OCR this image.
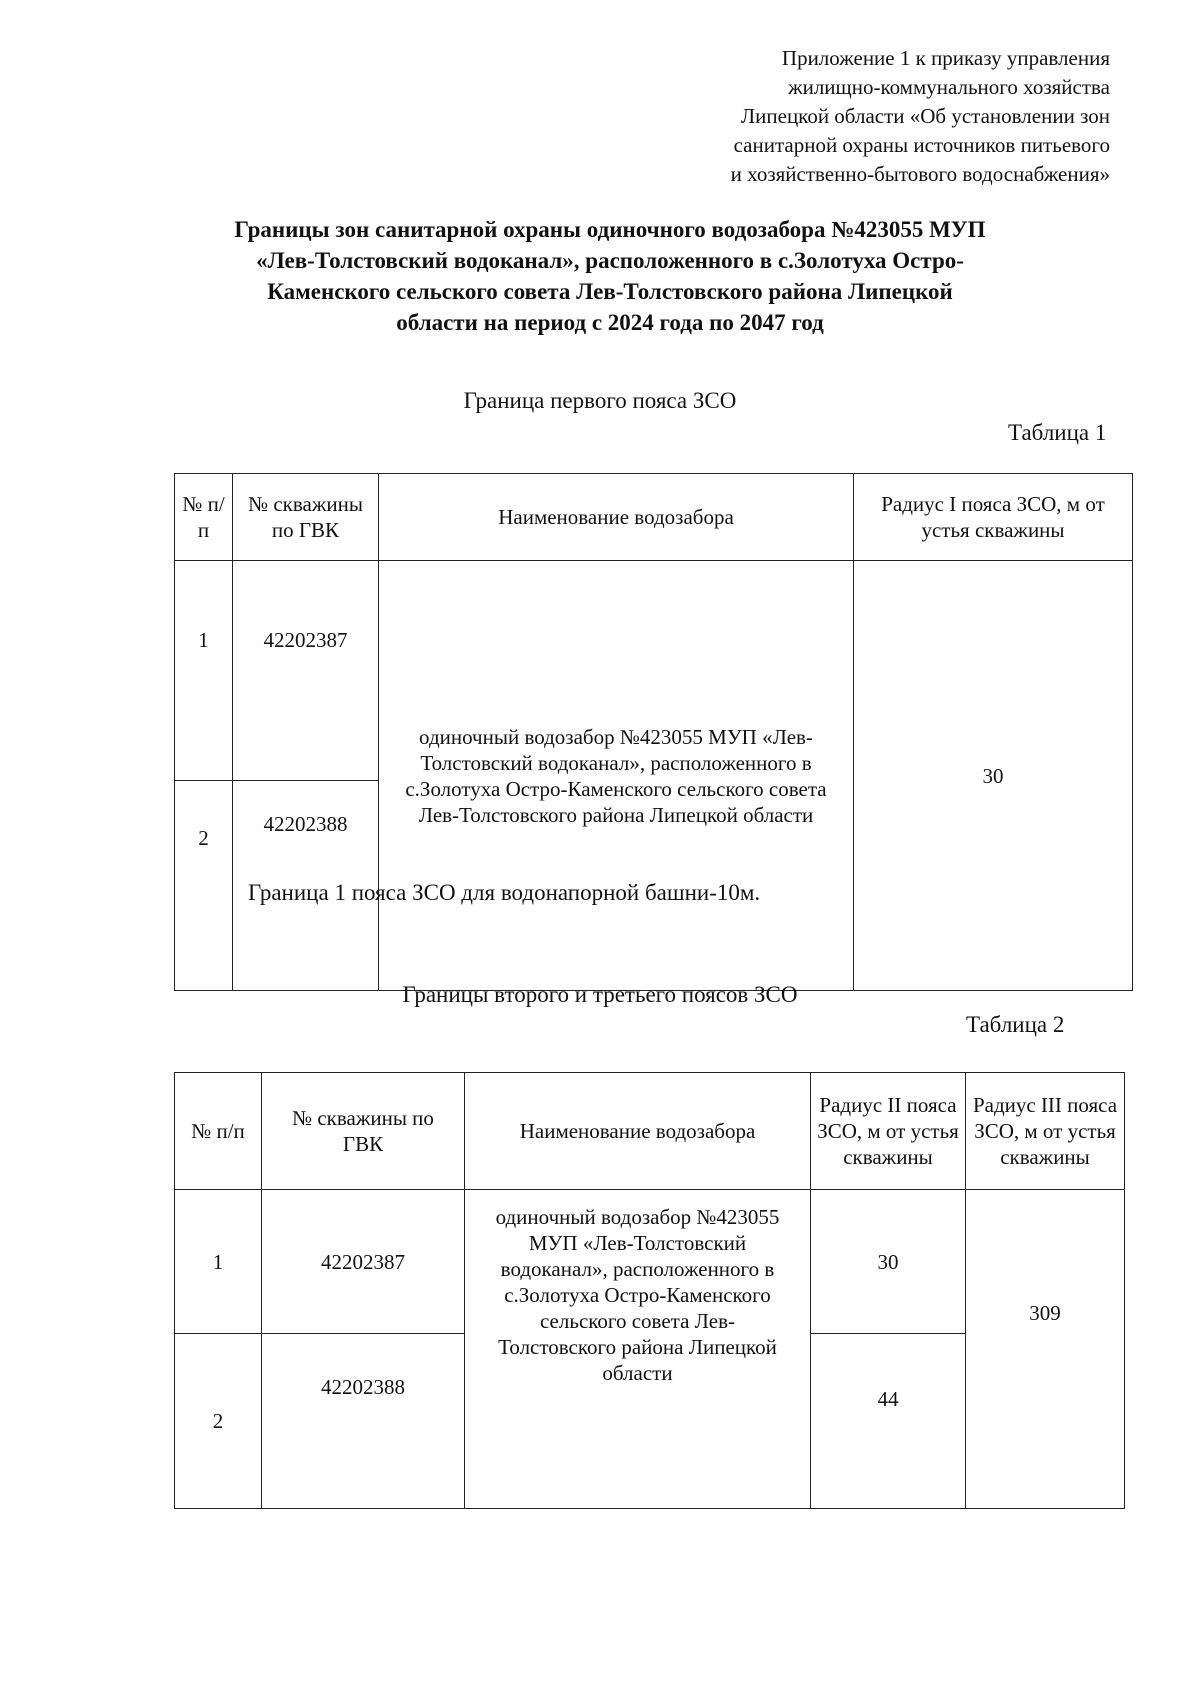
Приложение 1 к приказу управления
жилищно-коммунального хозяйства
Липецкой области «Об установлении зон
санитарной охраны источников питьевого
и хозяйственно-бытового водоснабжения»
Границы зон санитарной охраны одиночного водозабора №423055 МУП
«Лев-Толстовский водоканал», расположенного в с.Золотуха Остро-
Каменского сельского совета Лев-Толстовского района Липецкой
области на период с 2024 года по 2047 год
Граница первого пояса ЗСО
Таблица 1
№ п/п	№ скважины по ГВК	Наименование водозабора	Радиус I пояса ЗСО, м от устья скважины
1	42202387	одиночный водозабор №423055 МУП «Лев-Толстовский водоканал», расположенного в с.Золотуха Остро-Каменского сельского совета Лев-Толстовского района Липецкой области	30
2	42202388		
Граница 1 пояса ЗСО для водонапорной башни-10м.
Границы второго и третьего поясов ЗСО
Таблица 2
№ п/п	№ скважины по ГВК	Наименование водозабора	Радиус II пояса ЗСО, м от устья скважины	Радиус III пояса ЗСО, м от устья скважины
1	42202387	одиночный водозабор №423055 МУП «Лев-Толстовский водоканал», расположенного в с.Золотуха Остро-Каменского сельского совета Лев-Толстовского района Липецкой области	30	309
2	42202388		44	
